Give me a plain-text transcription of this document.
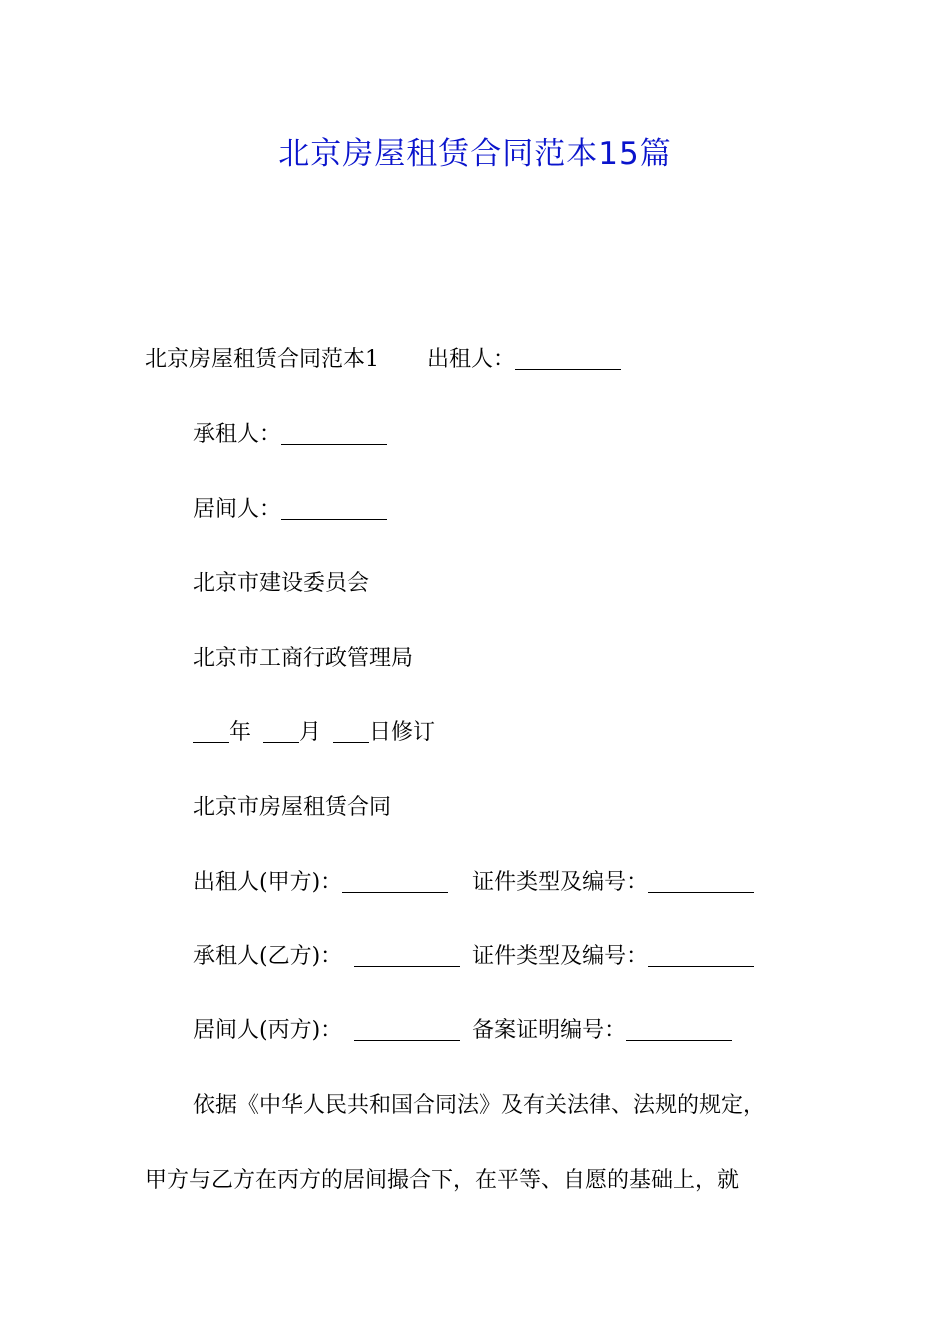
北京房屋租赁合同范本15篇
北京房屋租赁合同范本1 出租人：
承租人：
居间人：
北京市建设委员会
北京市工商行政管理局
年 月 日修订
北京市房屋租赁合同
出租人(甲方)：	证件类型及编号：
承租人(乙方)：	证件类型及编号：
居间人(丙方)：	备案证明编号：
依据《中华人民共和国合同法》及有关法律、法规的规定，
甲方与乙方在丙方的居间撮合下，在平等、自愿的基础上，就
